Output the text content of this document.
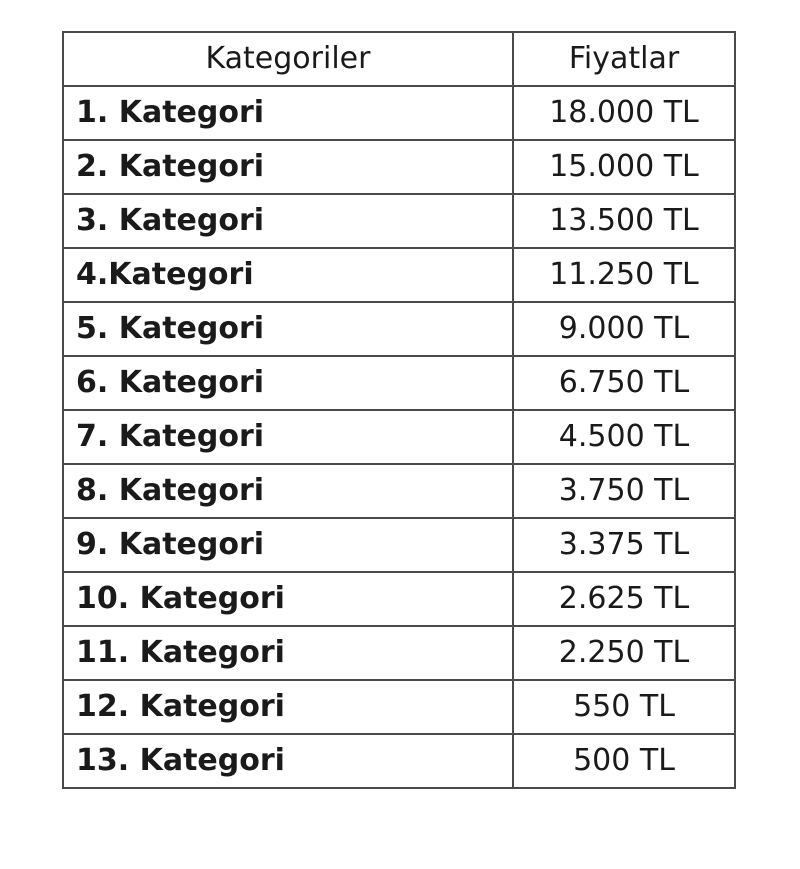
Kategoriler	Fiyatlar
1. Kategori	18.000 TL
2. Kategori	15.000 TL
3. Kategori	13.500 TL
4.Kategori	11.250 TL
5. Kategori	9.000 TL
6. Kategori	6.750 TL
7. Kategori	4.500 TL
8. Kategori	3.750 TL
9. Kategori	3.375 TL
10. Kategori	2.625 TL
11. Kategori	2.250 TL
12. Kategori	550 TL
13. Kategori	500 TL
